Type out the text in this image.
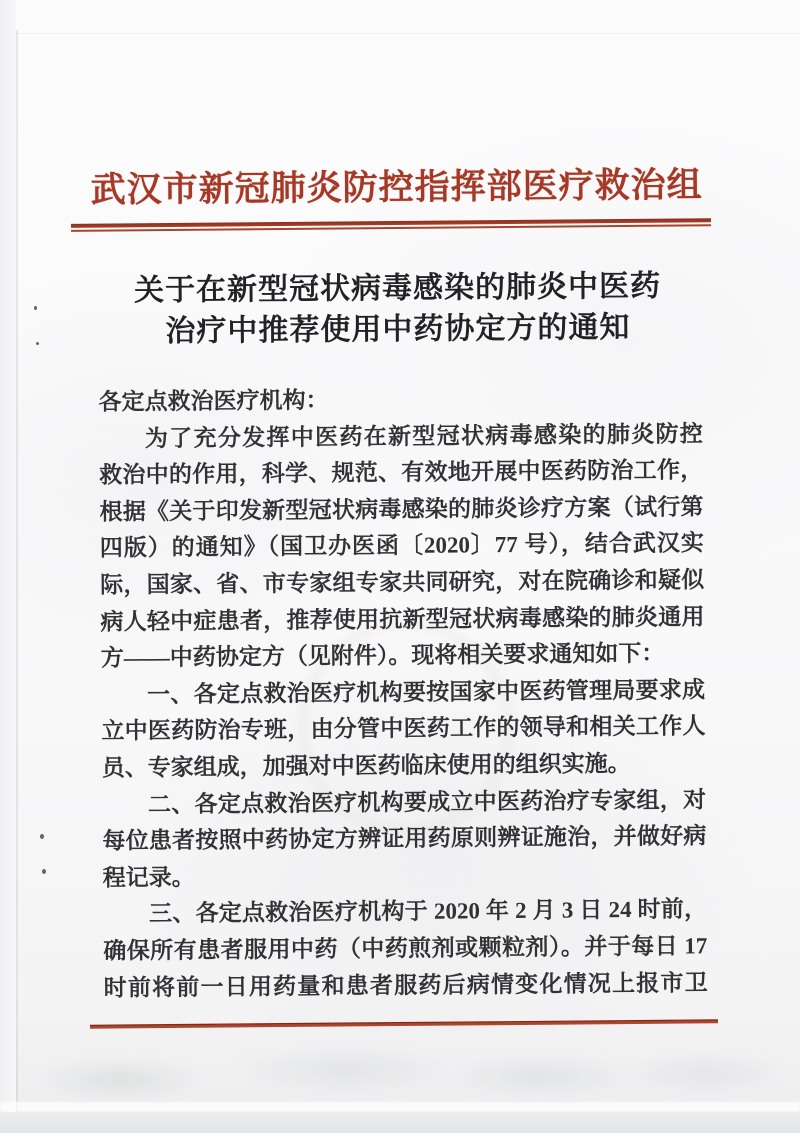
武汉市新冠肺炎防控指挥部医疗救治组
关于在新型冠状病毒感染的肺炎中医药
治疗中推荐使用中药协定方的通知
各定点救治医疗机构：
为了充分发挥中医药在新型冠状病毒感染的肺炎防控
救治中的作用，科学、规范、有效地开展中医药防治工作，
根据《关于印发新型冠状病毒感染的肺炎诊疗方案（试行第
四版）的通知》（国卫办医函〔2020〕77 号），结合武汉实
际，国家、省、市专家组专家共同研究，对在院确诊和疑似
病人轻中症患者，推荐使用抗新型冠状病毒感染的肺炎通用
方——中药协定方（见附件）。现将相关要求通知如下：
一、各定点救治医疗机构要按国家中医药管理局要求成
立中医药防治专班，由分管中医药工作的领导和相关工作人
员、专家组成，加强对中医药临床使用的组织实施。
二、各定点救治医疗机构要成立中医药治疗专家组，对
每位患者按照中药协定方辨证用药原则辨证施治，并做好病
程记录。
三、各定点救治医疗机构于 2020 年 2 月 3 日 24 时前，
确保所有患者服用中药（中药煎剂或颗粒剂）。并于每日 17
时前将前一日用药量和患者服药后病情变化情况上报市卫
